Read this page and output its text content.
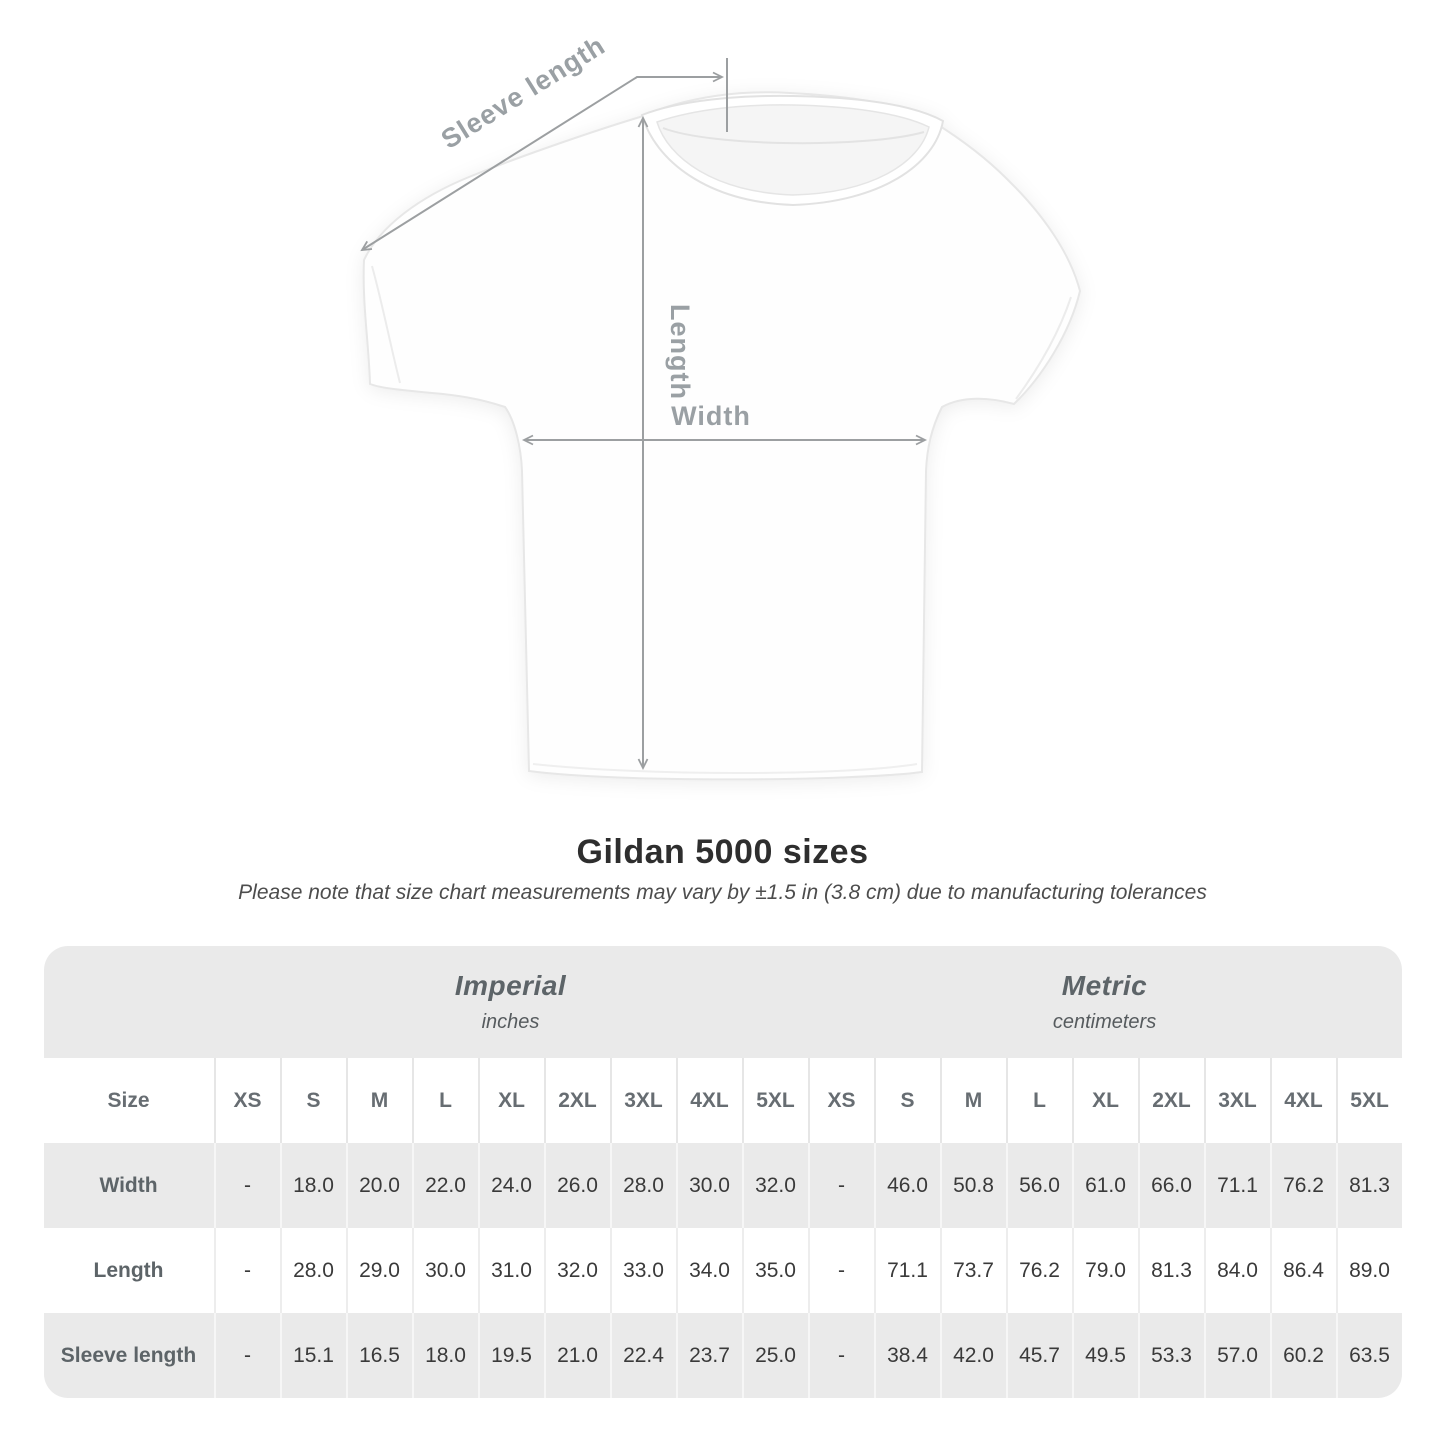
Sleeve length
Length
Width
Gildan 5000 sizes

Please note that size chart measurements may vary by ±1.5 in (3.8 cm) due to manufacturing tolerances

Imperial
inches

Metric
centimeters

Size	XS	S	M	L	XL	2XL	3XL	4XL	5XL	XS	S	M	L	XL	2XL	3XL	4XL	5XL
Width	-	18.0	20.0	22.0	24.0	26.0	28.0	30.0	32.0	-	46.0	50.8	56.0	61.0	66.0	71.1	76.2	81.3
Length	-	28.0	29.0	30.0	31.0	32.0	33.0	34.0	35.0	-	71.1	73.7	76.2	79.0	81.3	84.0	86.4	89.0
Sleeve length	-	15.1	16.5	18.0	19.5	21.0	22.4	23.7	25.0	-	38.4	42.0	45.7	49.5	53.3	57.0	60.2	63.5
